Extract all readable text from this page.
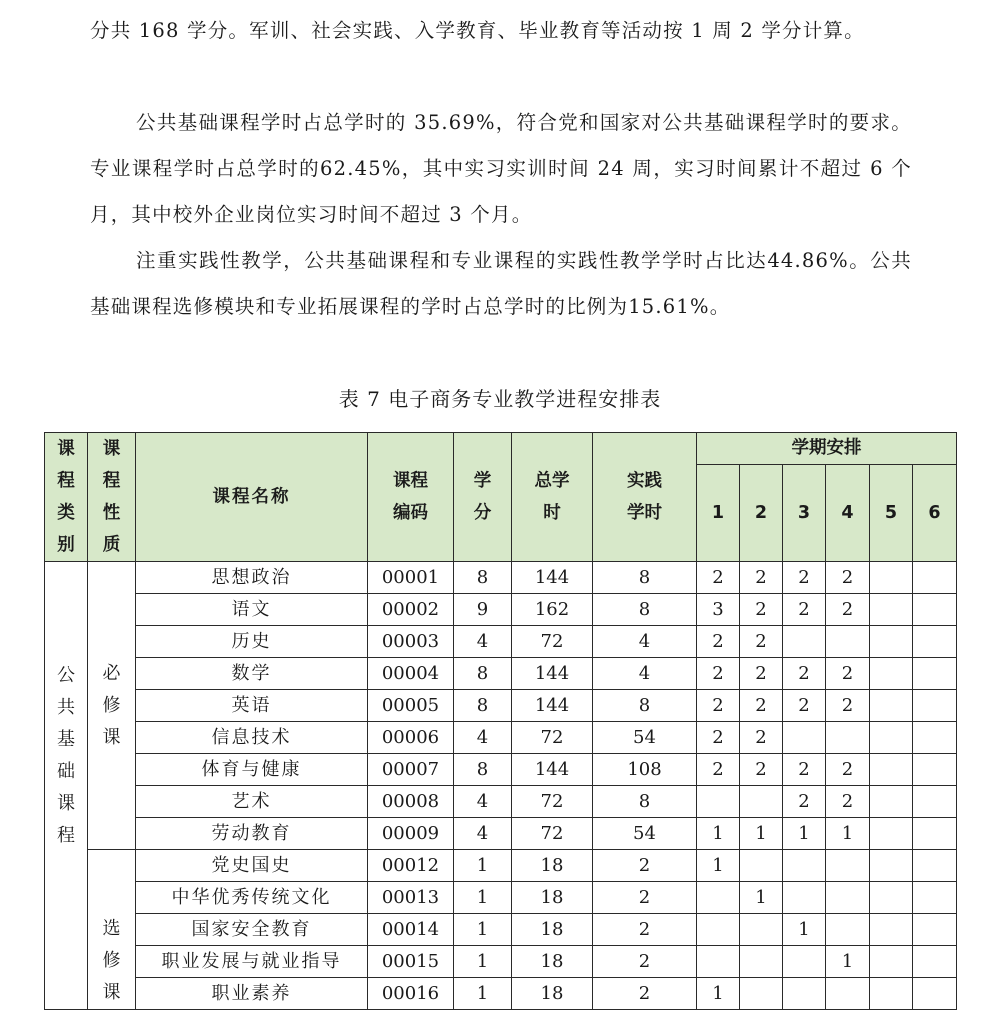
分共 168 学分。军训、社会实践、入学教育、毕业教育等活动按 1 周 2 学分计算。

公共基础课程学时占总学时的 35.69%，符合党和国家对公共基础课程学时的要求。专业课程学时占总学时的62.45%，其中实习实训时间 24 周，实习时间累计不超过 6 个月，其中校外企业岗位实习时间不超过 3 个月。

注重实践性教学，公共基础课程和专业课程的实践性教学学时占比达44.86%。公共基础课程选修模块和专业拓展课程的学时占总学时的比例为15.61%。

表 7 电子商务专业教学进程安排表
课程类别	课程性质	课程名称	课程编码	学分	总学时	实践学时	学期安排					
							1	2	3	4	5	6
公共基础课程	必修课	思想政治	00001	8	144	8	2	2	2	2		
		语文	00002	9	162	8	3	2	2	2		
		历史	00003	4	72	4	2	2				
		数学	00004	8	144	4	2	2	2	2		
		英语	00005	8	144	8	2	2	2	2		
		信息技术	00006	4	72	54	2	2				
		体育与健康	00007	8	144	108	2	2	2	2		
		艺术	00008	4	72	8			2	2		
		劳动教育	00009	4	72	54	1	1	1	1		
	选修课	党史国史	00012	1	18	2	1					
		中华优秀传统文化	00013	1	18	2		1				
		国家安全教育	00014	1	18	2			1			
		职业发展与就业指导	00015	1	18	2				1		
		职业素养	00016	1	18	2	1					
